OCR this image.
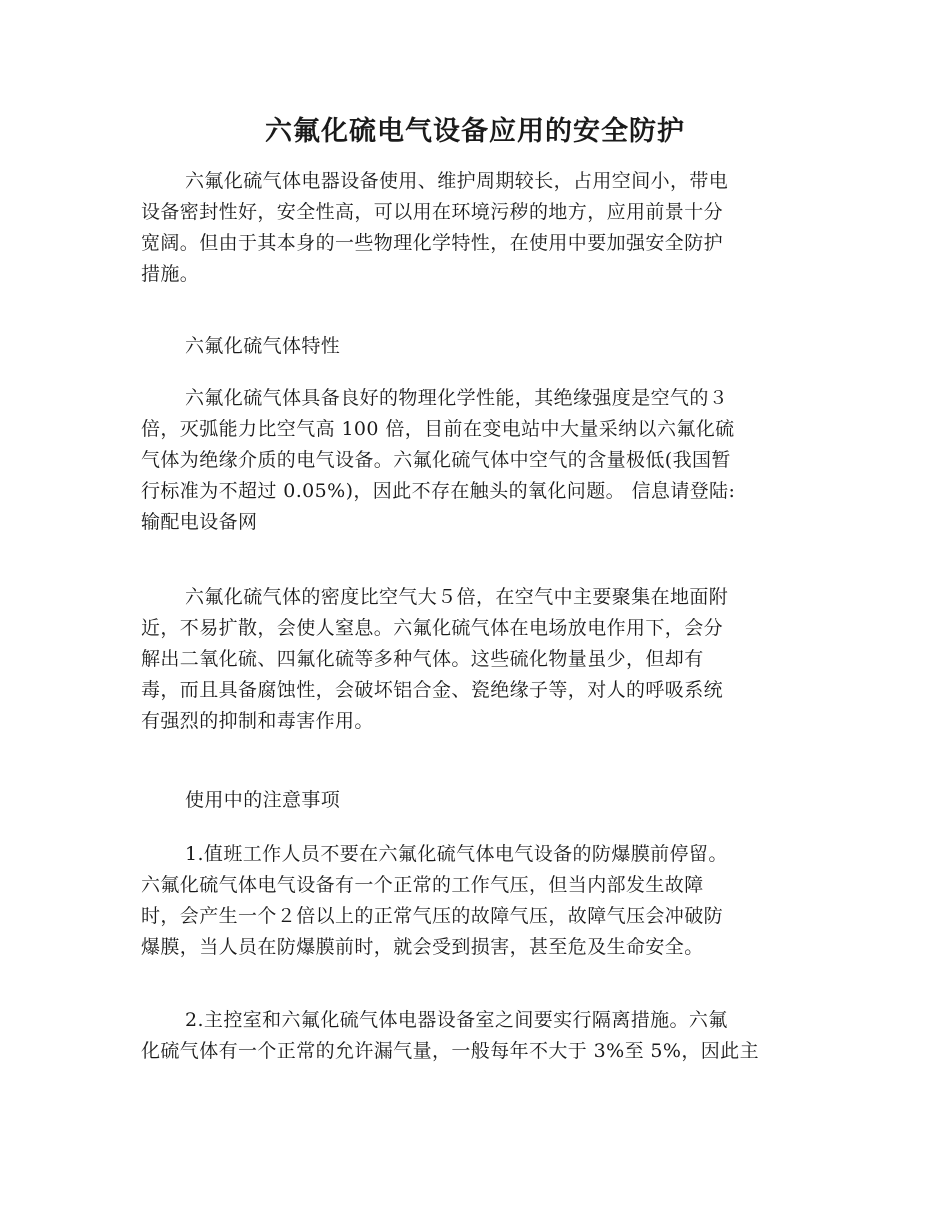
六氟化硫电气设备应用的安全防护

六氟化硫气体电器设备使用、维护周期较长，占用空间小，带电
设备密封性好，安全性高，可以用在环境污秽的地方，应用前景十分
宽阔。但由于其本身的一些物理化学特性，在使用中要加强安全防护
措施。

六氟化硫气体特性

六氟化硫气体具备良好的物理化学性能，其绝缘强度是空气的３
倍，灭弧能力比空气高 100 倍，目前在变电站中大量采纳以六氟化硫
气体为绝缘介质的电气设备。六氟化硫气体中空气的含量极低(我国暂
行标准为不超过 0.05%)，因此不存在触头的氧化问题。 信息请登陆:
输配电设备网

六氟化硫气体的密度比空气大５倍，在空气中主要聚集在地面附
近，不易扩散，会使人窒息。六氟化硫气体在电场放电作用下，会分
解出二氧化硫、四氟化硫等多种气体。这些硫化物量虽少，但却有
毒，而且具备腐蚀性，会破坏铝合金、瓷绝缘子等，对人的呼吸系统
有强烈的抑制和毒害作用。

使用中的注意事项

1.值班工作人员不要在六氟化硫气体电气设备的防爆膜前停留。
六氟化硫气体电气设备有一个正常的工作气压，但当内部发生故障
时，会产生一个２倍以上的正常气压的故障气压，故障气压会冲破防
爆膜，当人员在防爆膜前时，就会受到损害，甚至危及生命安全。

2.主控室和六氟化硫气体电器设备室之间要实行隔离措施。六氟
化硫气体有一个正常的允许漏气量，一般每年不大于 3%至 5%，因此主
